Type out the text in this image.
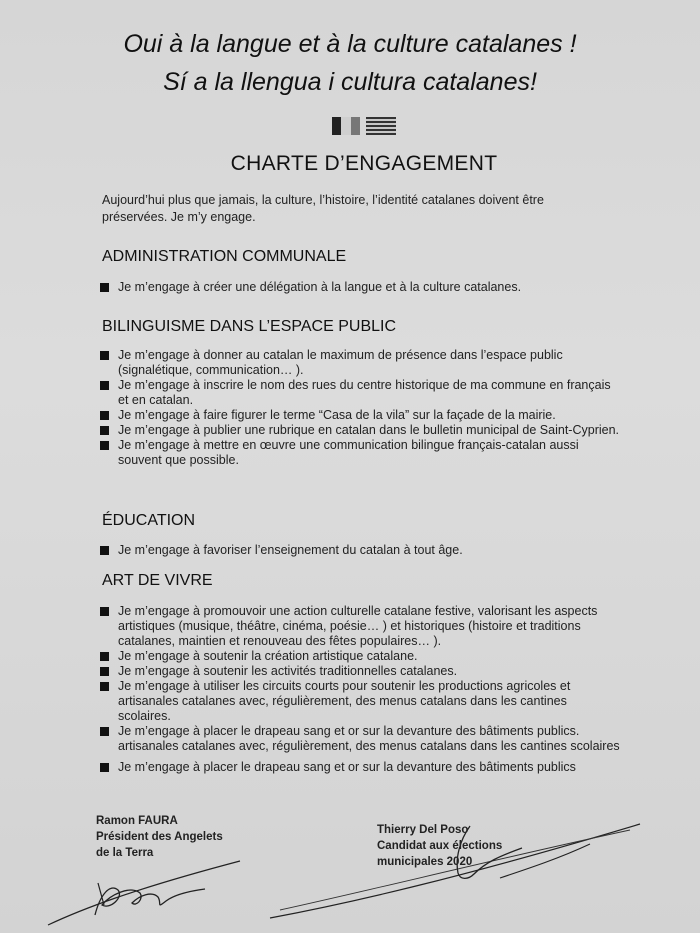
Oui à la langue et à la culture catalanes !
Sí a la llengua i cultura catalanes!
CHARTE D’ENGAGEMENT
Aujourd’hui plus que jamais, la culture, l’histoire, l’identité catalanes doivent être préservées. Je m’y engage.
ADMINISTRATION COMMUNALE
Je m’engage à créer une délégation à la langue et à la culture catalanes.
BILINGUISME DANS L’ESPACE PUBLIC
Je m’engage à donner au catalan le maximum de présence dans l’espace public (signalétique, communication… ).
Je m’engage à inscrire le nom des rues du centre historique de ma commune en français et en catalan.
Je m’engage à faire figurer le terme “Casa de la vila” sur la façade de la mairie.
Je m’engage à publier une rubrique en catalan dans le bulletin municipal de Saint-Cyprien.
Je m’engage à mettre en œuvre une communication bilingue français-catalan aussi souvent que possible.
ÉDUCATION
Je m’engage à favoriser l’enseignement du catalan à tout âge.
ART DE VIVRE
Je m’engage à promouvoir une action culturelle catalane festive, valorisant les aspects artistiques (musique, théâtre, cinéma, poésie… ) et historiques (histoire et traditions catalanes, maintien et renouveau des fêtes populaires… ).
Je m’engage à soutenir la création artistique catalane.
Je m’engage à soutenir les activités traditionnelles catalanes.
Je m’engage à utiliser les circuits courts pour soutenir les productions agricoles et artisanales catalanes avec, régulièrement, des menus catalans dans les cantines scolaires.
Je m’engage à placer le drapeau sang et or sur la devanture des bâtiments publics. artisanales catalanes avec, régulièrement, des menus catalans dans les cantines scolaires
Je m’engage à placer le drapeau sang et or sur la devanture des bâtiments publics
Ramon FAURA
Président des Angelets
de la Terra
Thierry Del Poso
Candidat aux élections
municipales 2020
